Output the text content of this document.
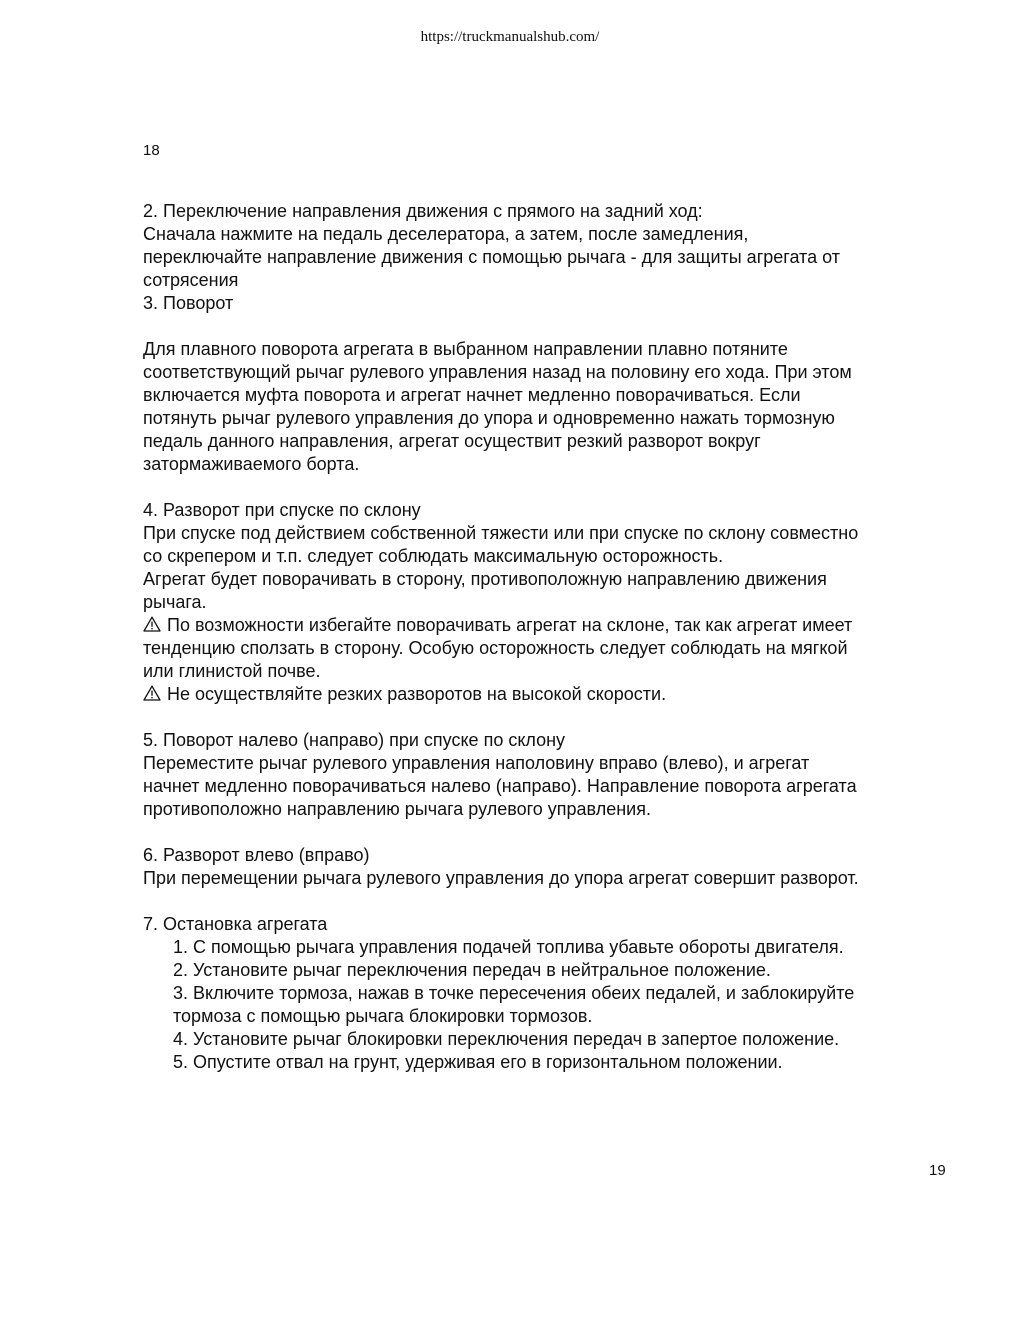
https://truckmanualshub.com/
18

2. Переключение направления движения с прямого на задний ход:

Сначала нажмите на педаль деселератора, а затем, после замедления,

переключайте направление движения с помощью рычага - для защиты агрегата от

сотрясения

3. Поворот

Для плавного поворота агрегата в выбранном направлении плавно потяните

соответствующий рычаг рулевого управления назад на половину его хода. При этом

включается муфта поворота и агрегат начнет медленно поворачиваться. Если

потянуть рычаг рулевого управления до упора и одновременно нажать тормозную

педаль данного направления, агрегат осуществит резкий разворот вокруг

затормаживаемого борта.

4. Разворот при спуске по склону

При спуске под действием собственной тяжести или при спуске по склону совместно

со скрепером и т.п. следует соблюдать максимальную осторожность.

Агрегат будет поворачивать в сторону, противоположную направлению движения

рычага.

По возможности избегайте поворачивать агрегат на склоне, так как агрегат имеет

тенденцию сползать в сторону. Особую осторожность следует соблюдать на мягкой

или глинистой почве.

Не осуществляйте резких разворотов на высокой скорости.

5. Поворот налево (направо) при спуске по склону

Переместите рычаг рулевого управления наполовину вправо (влево), и агрегат

начнет медленно поворачиваться налево (направо). Направление поворота агрегата

противоположно направлению рычага рулевого управления.

6. Разворот влево (вправо)

При перемещении рычага рулевого управления до упора агрегат совершит разворот.

7. Остановка агрегата

1. С помощью рычага управления подачей топлива убавьте обороты двигателя.

2. Установите рычаг переключения передач в нейтральное положение.

3. Включите тормоза, нажав в точке пересечения обеих педалей, и заблокируйте

тормоза с помощью рычага блокировки тормозов.

4. Установите рычаг блокировки переключения передач в запертое положение.

5. Опустите отвал на грунт, удерживая его в горизонтальном положении.

19
